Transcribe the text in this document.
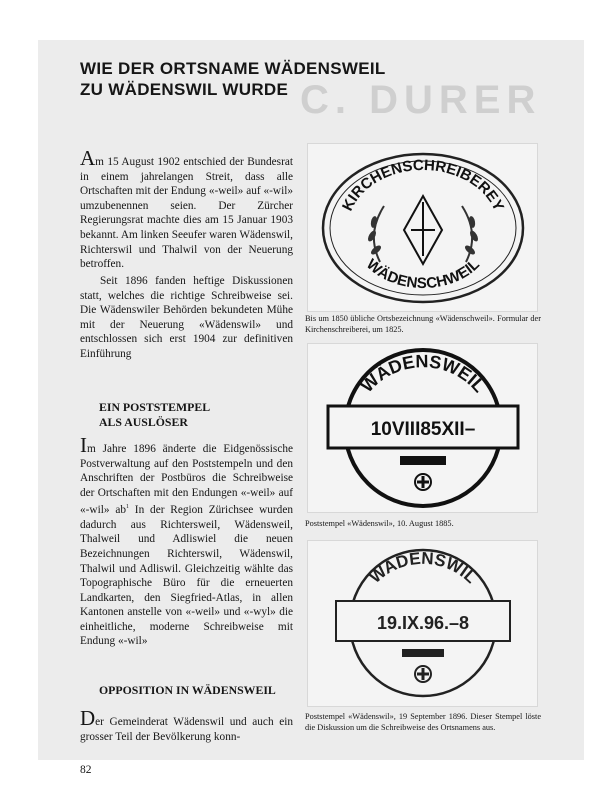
C. DURER
WIE DER ORTSNAME WÄDENSWEIL
ZU WÄDENSWIL WURDE

Am 15 August 1902 entschied der Bundesrat in einem jahrelangen Streit, dass alle Ortschaften mit der Endung «-weil» auf «-wil» umzubenennen seien. Der Zürcher Regierungsrat machte dies am 15 Januar 1903 bekannt. Am linken Seeufer waren Wädenswil, Richterswil und Thalwil von der Neuerung betroffen.

Seit 1896 fanden heftige Diskussionen statt, welches die richtige Schreibweise sei. Die Wädenswiler Behörden bekundeten Mühe mit der Neuerung «Wädenswil» und entschlossen sich erst 1904 zur definitiven Einführung

EIN POSTSTEMPEL
ALS AUSLÖSER

Im Jahre 1896 änderte die Eidgenössische Postverwaltung auf den Poststempeln und den Anschriften der Postbüros die Schreibweise der Ortschaften mit den Endungen «-weil» auf «-wil» $ab^1$ In der Region Zürichsee wurden dadurch aus Richtersweil, Wädensweil, Thalweil und Adliswiel die neuen Bezeichnungen Richterswil, Wädenswil, Thalwil und Adliswil. Gleichzeitig wählte das Topographische Büro für die erneuerten Landkarten, den Siegfried-Atlas, in allen Kantonen anstelle von «-weil» und «-wyl» die einheitliche, moderne Schreibweise mit Endung «-wil»

OPPOSITION IN WÄDENSWEIL

Der Gemeinderat Wädenswil und auch ein grosser Teil der Bevölkerung konn-

KIRCHENSCHREIBEREY
WÄDENSCHWEIL

Bis um 1850 übliche Ortsbezeichnung «Wädenschweil». Formular der Kirchenschreiberei, um 1825.

WÄDENSWEIL
10VIII85XII–

Poststempel «Wädenswil», 10. August 1885.

WADENSWIL
19.IX.96.–8

Poststempel «Wädenswil», 19 September 1896. Dieser Stempel löste die Diskussion um die Schreibweise des Ortsnamens aus.

82
